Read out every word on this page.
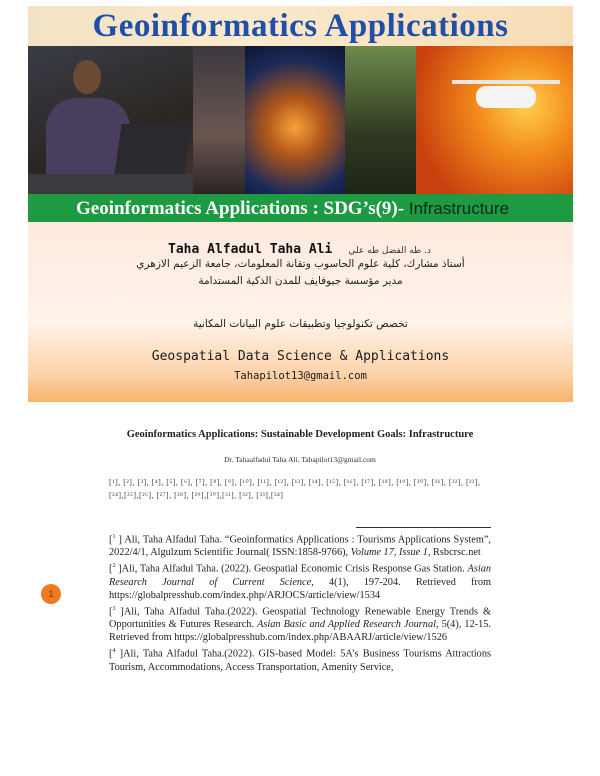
Geoinformatics Applications
Geoinformatics Applications : SDG’s(9)- Infrastructure
Taha Alfadul Taha Ali د. طه الفضل طه علي
أستاذ مشارك، كلية علوم الحاسوب وتقانة المعلومات، جامعة الزعيم الازهري
مدير مؤسسة جيوفايف للمدن الذكية المستدامة
تخصص تكنولوجيا وتطبيقات علوم البيانات المكانية
1
Geospatial Data Science & Applications
Tahapilot13@gmail.com
Geoinformatics Applications: Sustainable Development Goals: Infrastructure
Dr. Tahaalfadul Taha Ali, Tahapilot13@gmail.com
[¹], [²], [³], [⁴], [⁵], [⁶], [⁷], [⁸], [⁹], [¹⁰], [¹¹], [¹²], [¹³], [¹⁴], [¹⁵], [¹⁶], [¹⁷], [¹⁸], [¹⁹], [²⁰], [²¹], [²²], [²³],
[²⁴],[²⁵],[²⁶], [²⁷], [²⁸], [²⁹],[³⁰],[³¹], [³²], [³³],[³⁴]
[$^1$ ] Ali, Taha Alfadul Taha. “Geoinformatics Applications : Tourisms Applications System”, 2022/4/1, Algulzum Scientific Journal( ISSN:1858-9766), Volume 17, Issue 1, Rsbcrsc.net
[$^2$ ]Ali, Taha Alfadul Taha. (2022). Geospatial Economic Crisis Response Gas Station. Asian Research Journal of Current Science, 4(1), 197-204. Retrieved from https://globalpresshub.com/index.php/ARJOCS/article/view/1534
[$^3$ ]Ali, Taha Alfadul Taha.(2022). Geospatial Technology Renewable Energy Trends & Opportunities & Futures Research. Asian Basic and Applied Research Journal, 5(4), 12-15. Retrieved from https://globalpresshub.com/index.php/ABAARJ/article/view/1526
[$^4$ ]Ali, Taha Alfadul Taha.(2022). GIS-based Model: 5A’s Business Tourisms Attractions Tourism, Accommodations, Access Transportation, Amenity Service,
